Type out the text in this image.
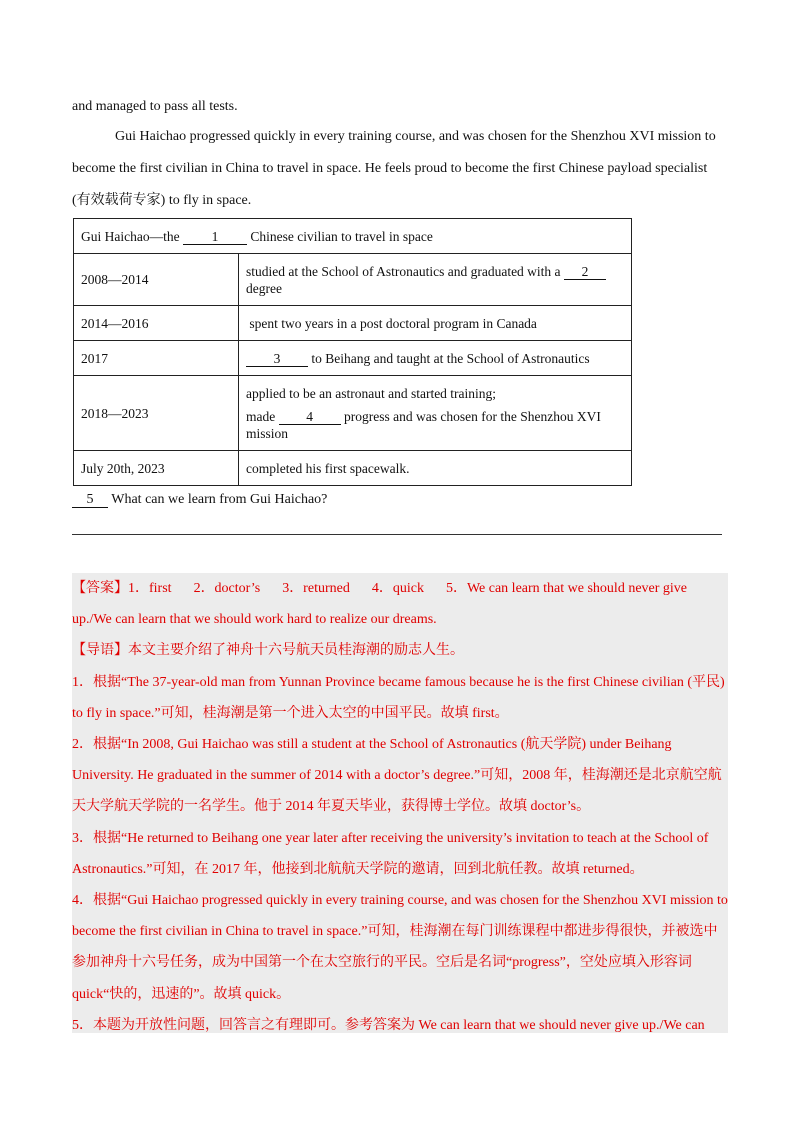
and managed to pass all tests.

Gui Haichao progressed quickly in every training course, and was chosen for the Shenzhou XVI mission to become the first civilian in China to travel in space. He feels proud to become the first Chinese payload specialist (有效载荷专家) to fly in space.

Gui Haichao—the 1 Chinese civilian to travel in space	
2008—2014	studied at the School of Astronautics and graduated with a 2 degree
2014—2016	spent two years in a post doctoral program in Canada
2017	3 to Beihang and taught at the School of Astronautics
2018—2023	applied to be an astronaut and started training;
made 4 progress and was chosen for the Shenzhou XVI mission

July 20th, 2023	completed his first spacewalk.
5 What can we learn from Gui Haichao?

【答案】1．first 2．doctor’s 3．returned 4．quick 5．We can learn that we should never give up./We can learn that we should work hard to realize our dreams.

【导语】本文主要介绍了神舟十六号航天员桂海潮的励志人生。

1．根据“The 37-year-old man from Yunnan Province became famous because he is the first Chinese civilian (平民) to fly in space.”可知，桂海潮是第一个进入太空的中国平民。故填 first。

2．根据“In 2008, Gui Haichao was still a student at the School of Astronautics (航天学院) under Beihang University. He graduated in the summer of 2014 with a doctor’s degree.”可知，2008 年，桂海潮还是北京航空航天大学航天学院的一名学生。他于 2014 年夏天毕业，获得博士学位。故填 doctor’s。

3．根据“He returned to Beihang one year later after receiving the university’s invitation to teach at the School of Astronautics.”可知，在 2017 年，他接到北航航天学院的邀请，回到北航任教。故填 returned。

4．根据“Gui Haichao progressed quickly in every training course, and was chosen for the Shenzhou XVI mission to become the first civilian in China to travel in space.”可知，桂海潮在每门训练课程中都进步得很快，并被选中参加神舟十六号任务，成为中国第一个在太空旅行的平民。空后是名词“progress”，空处应填入形容词 quick“快的，迅速的”。故填 quick。

5．本题为开放性问题，回答言之有理即可。参考答案为 We can learn that we should never give up./We can
